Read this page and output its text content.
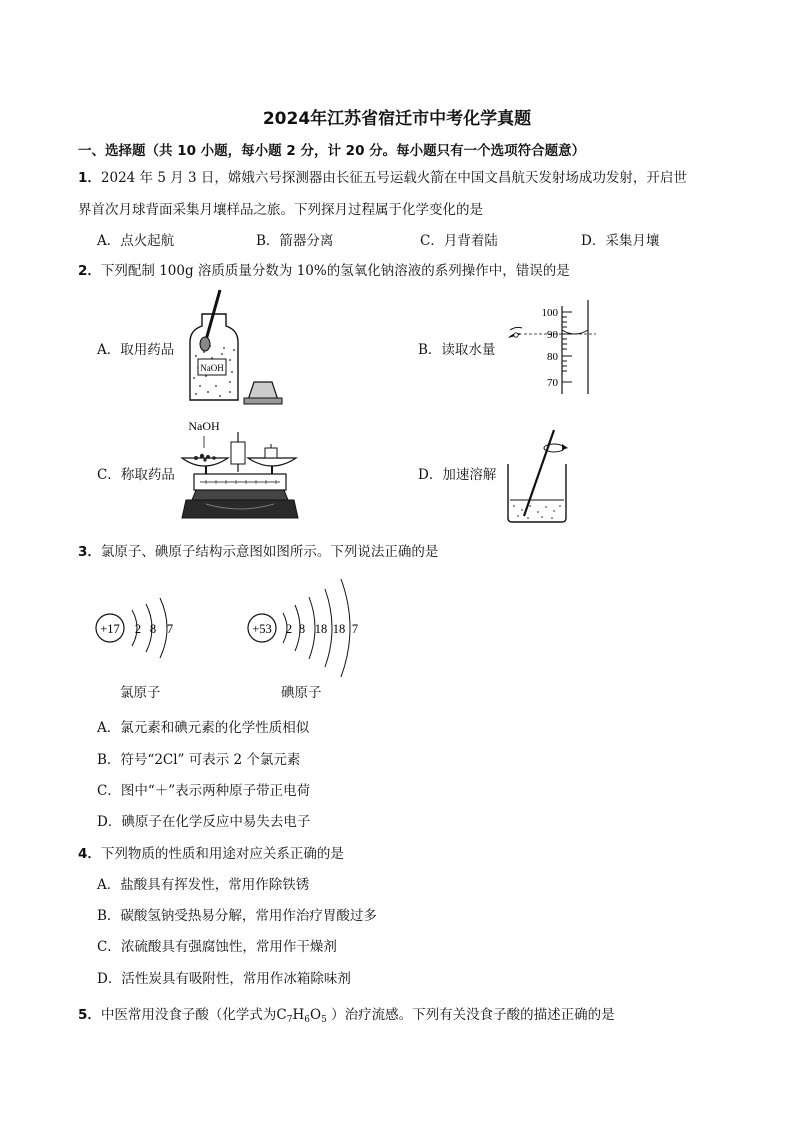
2024年江苏省宿迁市中考化学真题
一、选择题（共 10 小题，每小题 2 分，计 20 分。每小题只有一个选项符合题意）
1．2024 年 5 月 3 日，嫦娥六号探测器由长征五号运载火箭在中国文昌航天发射场成功发射，开启世
界首次月球背面采集月壤样品之旅。下列探月过程属于化学变化的是
A．点火起航	B．箭器分离	C．月背着陆	D．采集月壤
2．下列配制 100g 溶质质量分数为 10%的氢氧化钠溶液的系列操作中，错误的是
A．取用药品	B．读取水量
C．称取药品	D．加速溶解
NaOH
100
90
80
70
NaOH
3．氯原子、碘原子结构示意图如图所示。下列说法正确的是
+17 2 8 7
氯原子
+53 2 8 18 18 7
碘原子
A．氯元素和碘元素的化学性质相似
B．符号“2Cl” 可表示 2 个氯元素
C．图中“＋”表示两种原子带正电荷
D．碘原子在化学反应中易失去电子
4．下列物质的性质和用途对应关系正确的是
A．盐酸具有挥发性，常用作除铁锈
B．碳酸氢钠受热易分解，常用作治疗胃酸过多
C．浓硫酸具有强腐蚀性，常用作干燥剂
D．活性炭具有吸附性，常用作冰箱除味剂
5．中医常用没食子酸（化学式为$C_7H_6O_5$ ）治疗流感。下列有关没食子酸的描述正确的是
